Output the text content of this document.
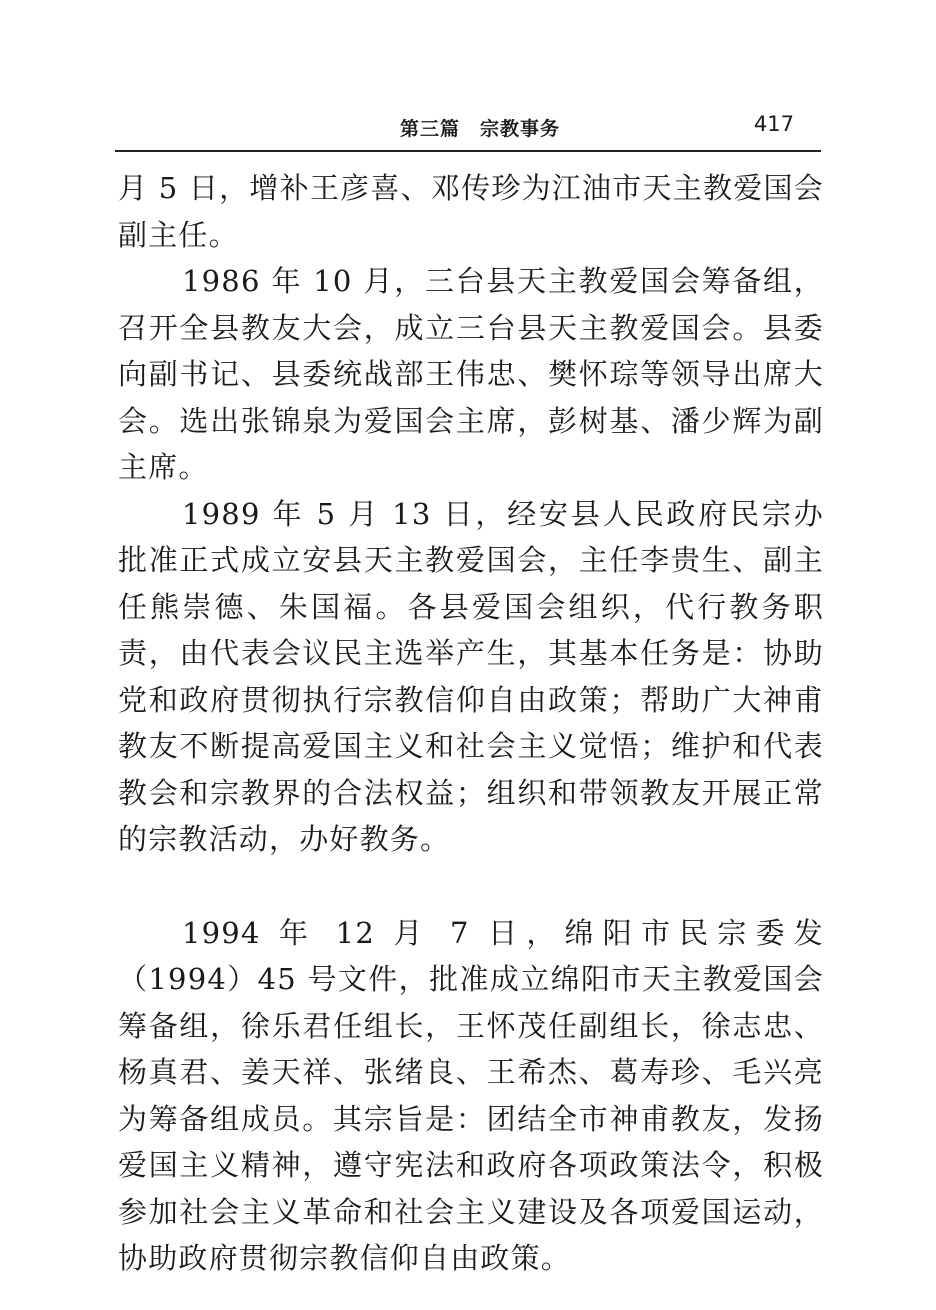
第三篇　宗教事务	417

月 5 日，增补王彦喜、邓传珍为江油市天主教爱国会副主任。

1986 年 10 月，三台县天主教爱国会筹备组，召开全县教友大会，成立三台县天主教爱国会。县委向副书记、县委统战部王伟忠、樊怀琮等领导出席大会。选出张锦泉为爱国会主席，彭树基、潘少辉为副主席。

1989 年 5 月 13 日，经安县人民政府民宗办批准正式成立安县天主教爱国会，主任李贵生、副主任熊崇德、朱国福。各县爱国会组织，代行教务职责，由代表会议民主选举产生，其基本任务是：协助党和政府贯彻执行宗教信仰自由政策；帮助广大神甫教友不断提高爱国主义和社会主义觉悟；维护和代表教会和宗教界的合法权益；组织和带领教友开展正常的宗教活动，办好教务。

1994 年 12 月 7 日，绵阳市民宗委发（1994）45 号文件，批准成立绵阳市天主教爱国会筹备组，徐乐君任组长，王怀茂任副组长，徐志忠、杨真君、姜天祥、张绪良、王希杰、葛寿珍、毛兴亮为筹备组成员。其宗旨是：团结全市神甫教友，发扬爱国主义精神，遵守宪法和政府各项政策法令，积极参加社会主义革命和社会主义建设及各项爱国运动，协助政府贯彻宗教信仰自由政策。
